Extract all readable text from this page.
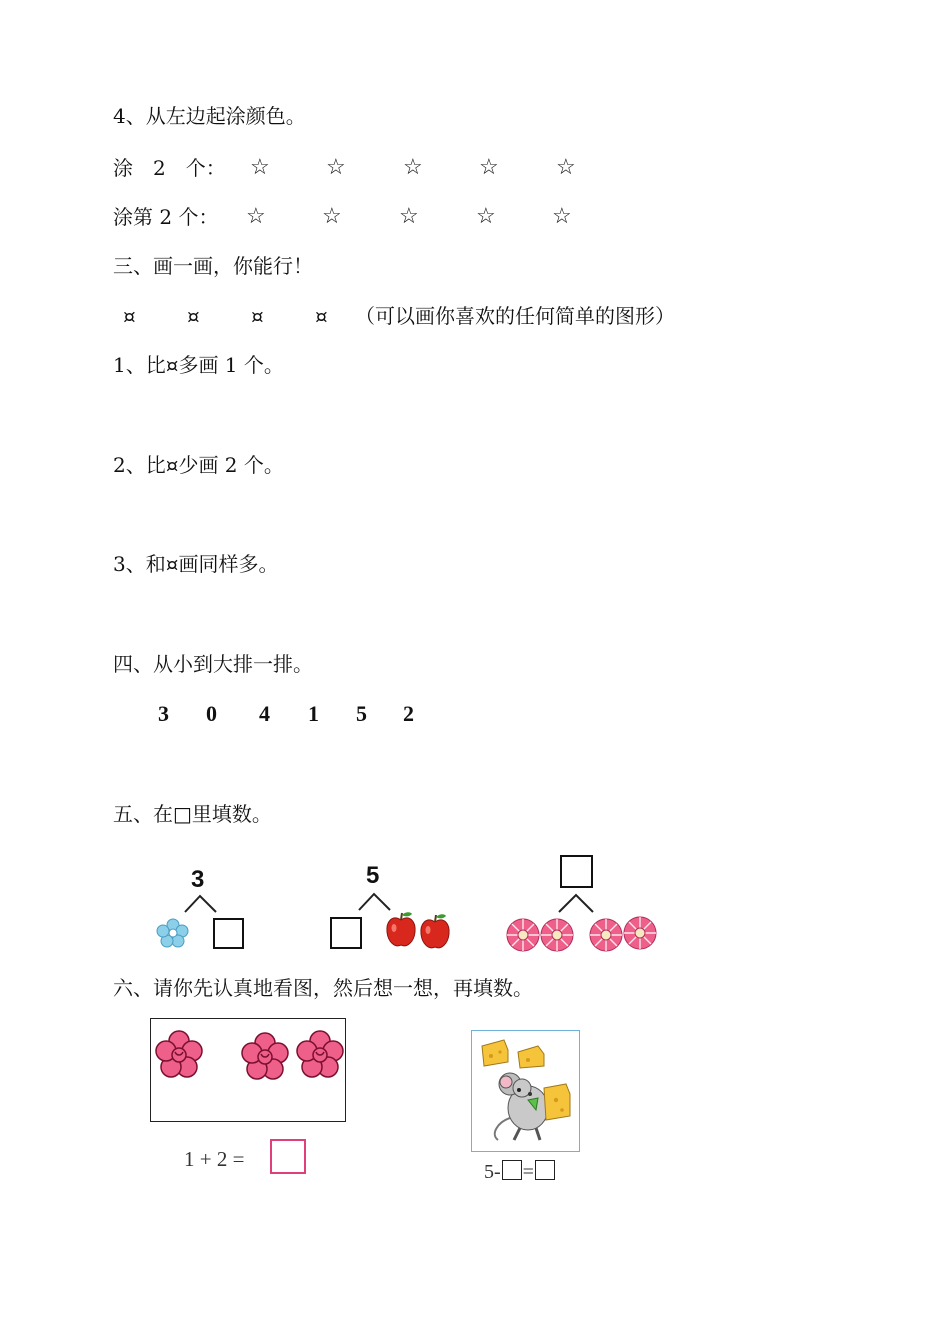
4、从左边起涂颜色。
涂　2　个： ☆	☆	☆	☆	☆
涂第 2 个： ☆	☆	☆	☆	☆
三、画一画，你能行！
¤	¤	¤	¤ （可以画你喜欢的任何简单的图形）
1、比¤多画 1 个。
2、比¤少画 2 个。
3、和¤画同样多。
四、从小到大排一排。
3 0 4 1 5 2
五、在□里填数。
3	5
六、请你先认真地看图，然后想一想，再填数。
1 + 2 =
5- =
